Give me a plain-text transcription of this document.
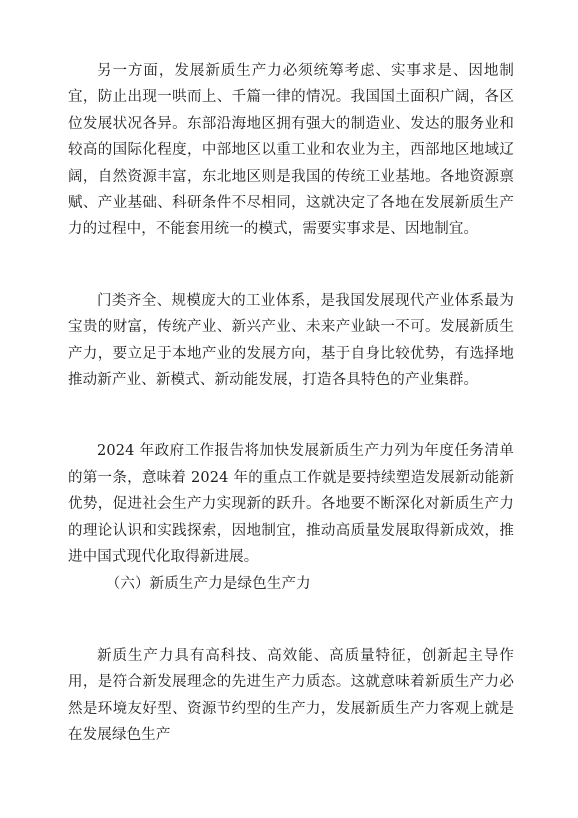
另一方面，发展新质生产力必须统筹考虑、实事求是、因地制宜，防止出现一哄而上、千篇一律的情况。我国国土面积广阔，各区位发展状况各异。东部沿海地区拥有强大的制造业、发达的服务业和较高的国际化程度，中部地区以重工业和农业为主，西部地区地域辽阔，自然资源丰富，东北地区则是我国的传统工业基地。各地资源禀赋、产业基础、科研条件不尽相同，这就决定了各地在发展新质生产力的过程中，不能套用统一的模式，需要实事求是、因地制宜。

门类齐全、规模庞大的工业体系，是我国发展现代产业体系最为宝贵的财富，传统产业、新兴产业、未来产业缺一不可。发展新质生产力，要立足于本地产业的发展方向，基于自身比较优势，有选择地推动新产业、新模式、新动能发展，打造各具特色的产业集群。

2024 年政府工作报告将加快发展新质生产力列为年度任务清单的第一条，意味着 2024 年的重点工作就是要持续塑造发展新动能新优势，促进社会生产力实现新的跃升。各地要不断深化对新质生产力的理论认识和实践探索，因地制宜，推动高质量发展取得新成效，推进中国式现代化取得新进展。

（六）新质生产力是绿色生产力

新质生产力具有高科技、高效能、高质量特征，创新起主导作用，是符合新发展理念的先进生产力质态。这就意味着新质生产力必然是环境友好型、资源节约型的生产力，发展新质生产力客观上就是在发展绿色生产
